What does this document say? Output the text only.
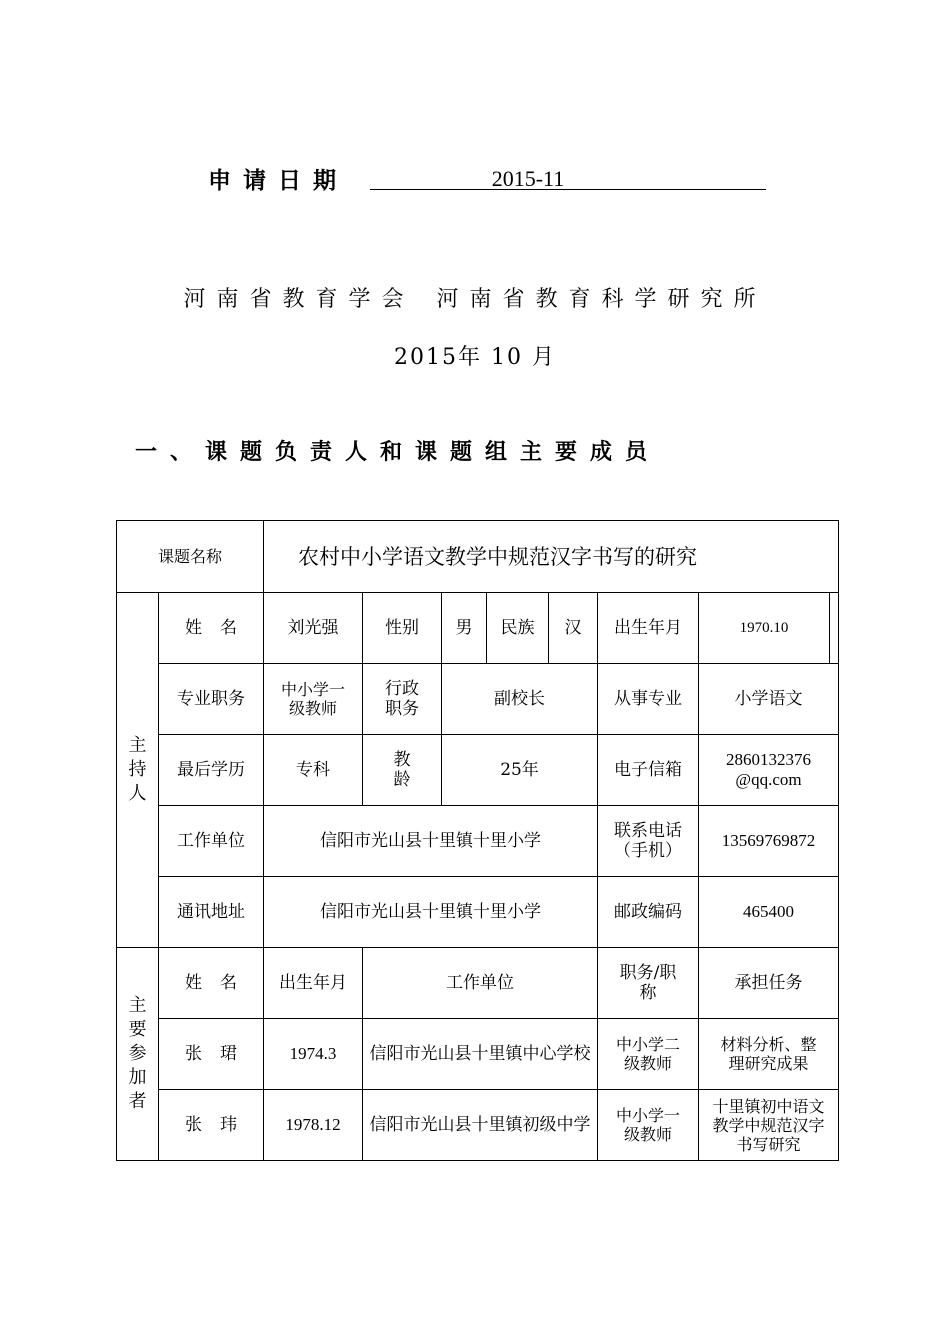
申请日期	2015-11
河南省教育学会 河南省教育科学研究所
2015年 10 月
一、课题负责人和课题组主要成员
课题名称		农村中小学语文教学中规范汉字书写的研究							
主持人	姓名	刘光强	性别	男	民族	汉	出生年月	1970.10	
	专业职务	中小学一级教师	行政职务	副校长			从事专业	小学语文	
	最后学历	专科	教龄	25年			电子信箱	2860132376
@qq.com	

	工作单位	信阳市光山县十里镇十里小学					联系电话
（手机）	13569769872	
	通讯地址	信阳市光山县十里镇十里小学					邮政编码	465400	
主要参加者	姓名	出生年月	工作单位				职务/职称	承担任务	
	张珺	1974.3	信阳市光山县十里镇中心学校				中小学二级教师	材料分析、整理研究成果	
	张玮	1978.12	信阳市光山县十里镇初级中学				中小学一级教师	十里镇初中语文教学中规范汉字书写研究	
